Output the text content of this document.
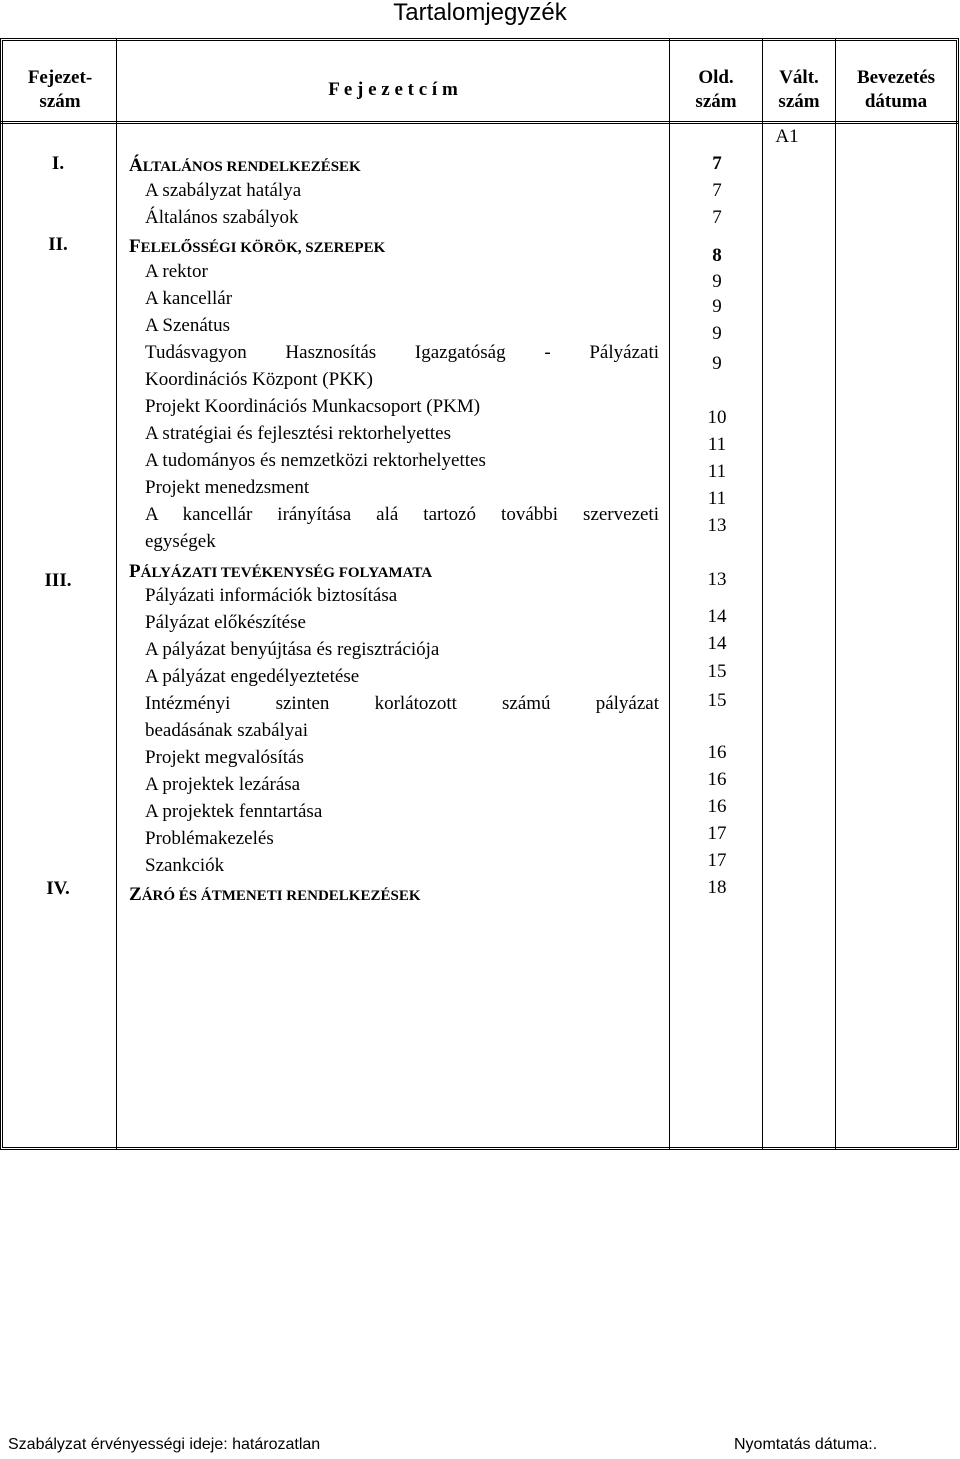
Tartalomjegyzék
Fejezet-
szám
F e j e z e t c í m
Old.
szám
Vált.
szám
Bevezetés
dátuma
A1
I.
II.
III.
IV.
ÁLTALÁNOS RENDELKEZÉSEK
A szabályzat hatálya
Általános szabályok
FELELŐSSÉGI KÖRÖK, SZEREPEK
A rektor
A kancellár
A Szenátus
Tudásvagyon Hasznosítás Igazgatóság - Pályázati
Koordinációs Központ (PKK)
Projekt Koordinációs Munkacsoport (PKM)
A stratégiai és fejlesztési rektorhelyettes
A tudományos és nemzetközi rektorhelyettes
Projekt menedzsment
A kancellár irányítása alá tartozó további szervezeti
egységek
PÁLYÁZATI TEVÉKENYSÉG FOLYAMATA
Pályázati információk biztosítása
Pályázat előkészítése
A pályázat benyújtása és regisztrációja
A pályázat engedélyeztetése
Intézményi szinten korlátozott számú pályázat
beadásának szabályai
Projekt megvalósítás
A projektek lezárása
A projektek fenntartása
Problémakezelés
Szankciók
ZÁRÓ ÉS ÁTMENETI RENDELKEZÉSEK
7
7
7
8
9
9
9
9
10
11
11
11
13
13
14
14
15
15
16
16
16
17
17
18
Szabályzat érvényességi ideje: határozatlan	Nyomtatás dátuma:.
